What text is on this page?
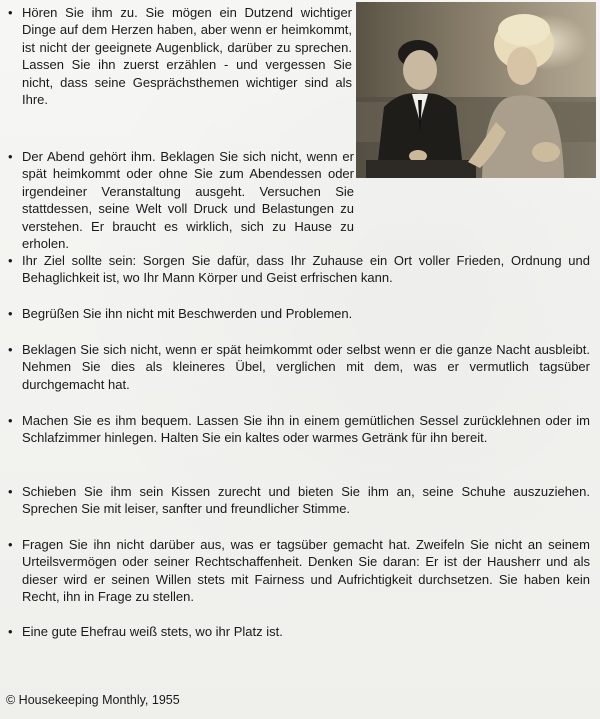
• Hören Sie ihm zu. Sie mögen ein Dutzend wichtiger Dinge auf dem Herzen haben, aber wenn er heimkommt, ist nicht der geeignete Augenblick, darüber zu sprechen. Lassen Sie ihn zuerst erzählen - und vergessen Sie nicht, dass seine Gesprächsthemen wichtiger sind als Ihre.
• Der Abend gehört ihm. Beklagen Sie sich nicht, wenn er spät heimkommt oder ohne Sie zum Abendessen oder irgendeiner Veranstaltung ausgeht. Versuchen Sie stattdessen, seine Welt voll Druck und Belastungen zu verstehen. Er braucht es wirklich, sich zu Hause zu erholen.
• Ihr Ziel sollte sein: Sorgen Sie dafür, dass Ihr Zuhause ein Ort voller Frieden, Ordnung und Behaglichkeit ist, wo Ihr Mann Körper und Geist erfrischen kann.
• Begrüßen Sie ihn nicht mit Beschwerden und Problemen.
• Beklagen Sie sich nicht, wenn er spät heimkommt oder selbst wenn er die ganze Nacht ausbleibt. Nehmen Sie dies als kleineres Übel, verglichen mit dem, was er vermutlich tagsüber durchgemacht hat.
• Machen Sie es ihm bequem. Lassen Sie ihn in einem gemütlichen Sessel zurücklehnen oder im Schlafzimmer hinlegen. Halten Sie ein kaltes oder warmes Getränk für ihn bereit.
• Schieben Sie ihm sein Kissen zurecht und bieten Sie ihm an, seine Schuhe auszuziehen. Sprechen Sie mit leiser, sanfter und freundlicher Stimme.
• Fragen Sie ihn nicht darüber aus, was er tagsüber gemacht hat. Zweifeln Sie nicht an seinem Urteilsvermögen oder seiner Rechtschaffenheit. Denken Sie daran: Er ist der Hausherr und als dieser wird er seinen Willen stets mit Fairness und Aufrichtigkeit durchsetzen. Sie haben kein Recht, ihn in Frage zu stellen.
• Eine gute Ehefrau weiß stets, wo ihr Platz ist.
© Housekeeping Monthly, 1955
